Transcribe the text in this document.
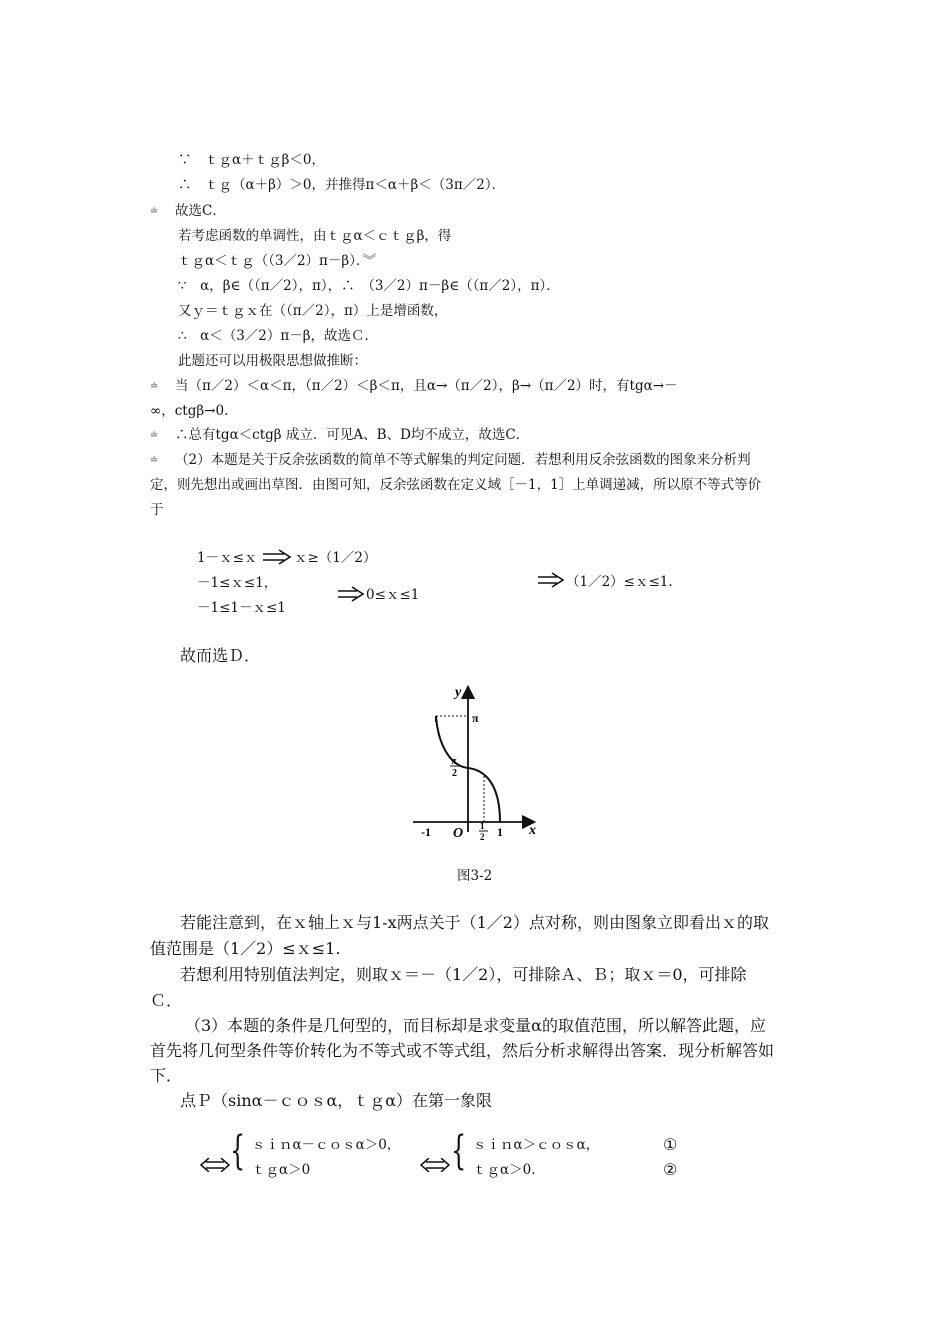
∵　ｔｇα＋ｔｇβ＜0，
∴　ｔｇ（α＋β）＞0，并推得π＜α＋β＜（3π／2）．
≐
故选C．
若考虑函数的单调性，由ｔｇα＜ｃｔｇβ，得
ｔｇα＜ｔｇ（（3／2）π－β）．︾
∵　α，β∈（（π／2），π），∴　（3／2）π－β∈（（π／2），π）．
又ｙ＝ｔｇｘ在（（π／2），π）上是增函数，
∴　α＜（3／2）π－β，故选Ｃ．
此题还可以用极限思想做推断：
≐
当（π／2）＜α＜π，（π／2）＜β＜π，且α→（π／2），β→（π／2）时，有tgα→－
∞，ctgβ→0.
≐
∴总有tgα＜ctgβ 成立．可见A、B、D均不成立，故选C．
≐
（2）本题是关于反余弦函数的简单不等式解集的判定问题．若想利用反余弦函数的图象来分析判
定，则先想出或画出草图．由图可知，反余弦函数在定义域［－1，1］上单调递减，所以原不等式等价
于
1－ｘ≤ｘ	ｘ≥（1／2）
－1≤ｘ≤1，
－1≤1－ｘ≤1
0≤ｘ≤1
（1／2）≤ｘ≤1.
故而选Ｄ．
y
x
π
π
2
-1 O 1
2 1
图3-2
若能注意到，在ｘ轴上ｘ与1-x两点关于（1／2）点对称，则由图象立即看出ｘ的取
值范围是（1／2）≤ｘ≤1.
若想利用特别值法判定，则取ｘ＝－（1／2），可排除Ａ、Ｂ；取ｘ＝0，可排除
Ｃ．
（3）本题的条件是几何型的，而目标却是求变量α的取值范围，所以解答此题，应
首先将几何型条件等价转化为不等式或不等式组，然后分析求解得出答案．现分析解答如
下．
点Ｐ（sinα－ｃｏｓα，ｔｇα）在第一象限
{ ｓｉｎα－ｃｏｓα＞0，
ｔｇα＞0	{ ｓｉｎα＞ｃｏｓα，
ｔｇα＞0.
①
②
